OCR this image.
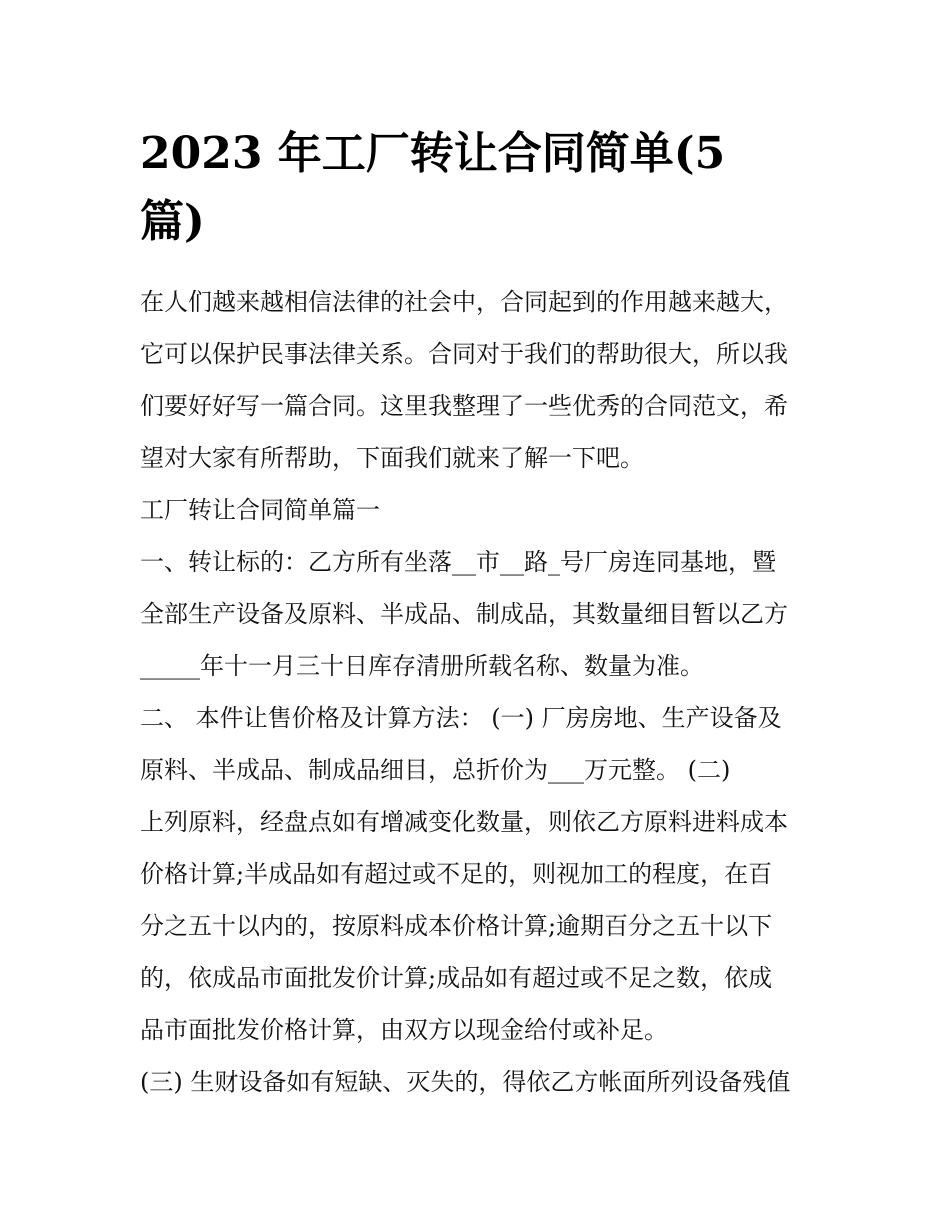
2023 年工厂转让合同简单(5
篇)
在人们越来越相信法律的社会中，合同起到的作用越来越大，
它可以保护民事法律关系。合同对于我们的帮助很大，所以我
们要好好写一篇合同。这里我整理了一些优秀的合同范文，希
望对大家有所帮助，下面我们就来了解一下吧。
工厂转让合同简单篇一
一、转让标的：乙方所有坐落__市__路_号厂房连同基地，暨
全部生产设备及原料、半成品、制成品，其数量细目暂以乙方
_____年十一月三十日库存清册所载名称、数量为准。
二、 本件让售价格及计算方法： (一) 厂房房地、生产设备及
原料、半成品、制成品细目，总折价为___万元整。 (二)
上列原料，经盘点如有增减变化数量，则依乙方原料进料成本
价格计算;半成品如有超过或不足的，则视加工的程度，在百
分之五十以内的，按原料成本价格计算;逾期百分之五十以下
的，依成品市面批发价计算;成品如有超过或不足之数，依成
品市面批发价格计算，由双方以现金给付或补足。
(三) 生财设备如有短缺、灭失的，得依乙方帐面所列设备残值
